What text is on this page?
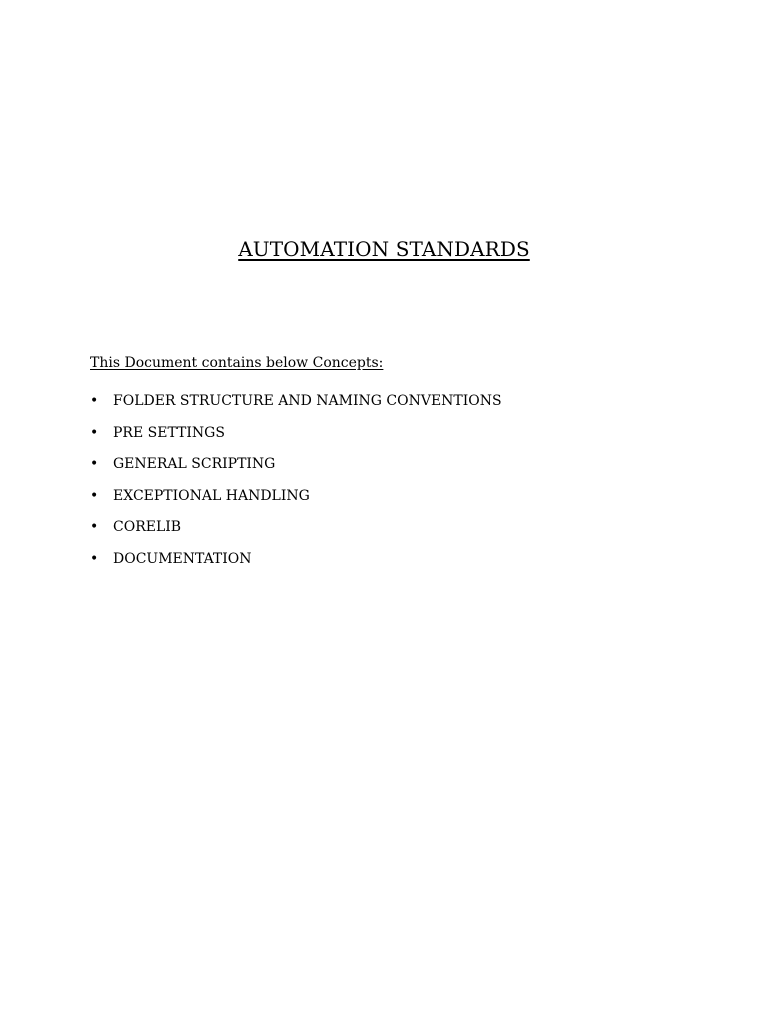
AUTOMATION STANDARDS

This Document contains below Concepts:

• FOLDER STRUCTURE AND NAMING CONVENTIONS
• PRE SETTINGS
• GENERAL SCRIPTING
• EXCEPTIONAL HANDLING
• CORELIB
• DOCUMENTATION
